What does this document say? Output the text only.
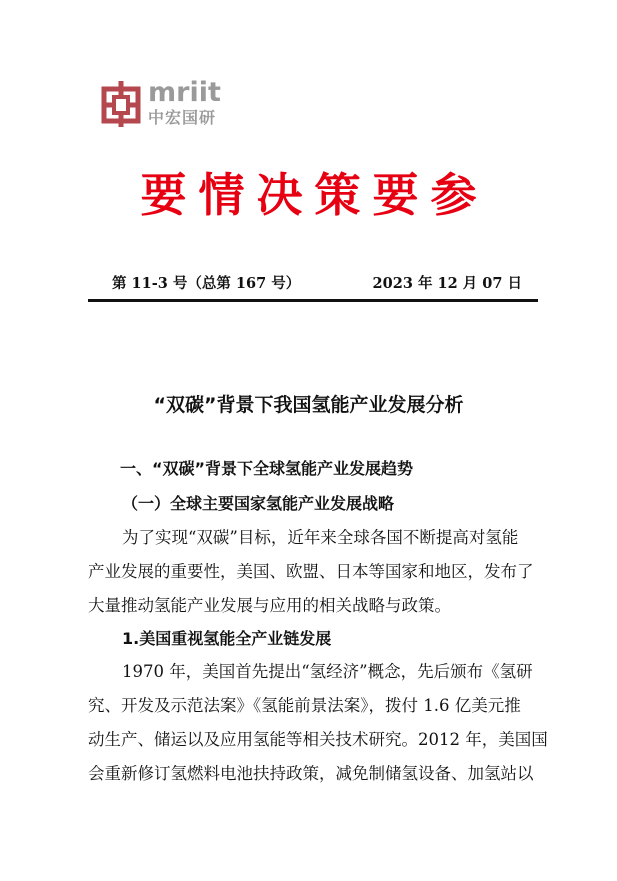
mriit
中宏国研
要情决策要参
第 11-3 号（总第 167 号）	2023 年 12 月 07 日
“双碳”背景下我国氢能产业发展分析
一、“双碳”背景下全球氢能产业发展趋势
（一）全球主要国家氢能产业发展战略
为了实现“双碳”目标，近年来全球各国不断提高对氢能
产业发展的重要性，美国、欧盟、日本等国家和地区，发布了
大量推动氢能产业发展与应用的相关战略与政策。
1.美国重视氢能全产业链发展
1970 年，美国首先提出“氢经济”概念，先后颁布《氢研
究、开发及示范法案》《氢能前景法案》，拨付 1.6 亿美元推
动生产、储运以及应用氢能等相关技术研究。2012 年，美国国
会重新修订氢燃料电池扶持政策，减免制储氢设备、加氢站以
